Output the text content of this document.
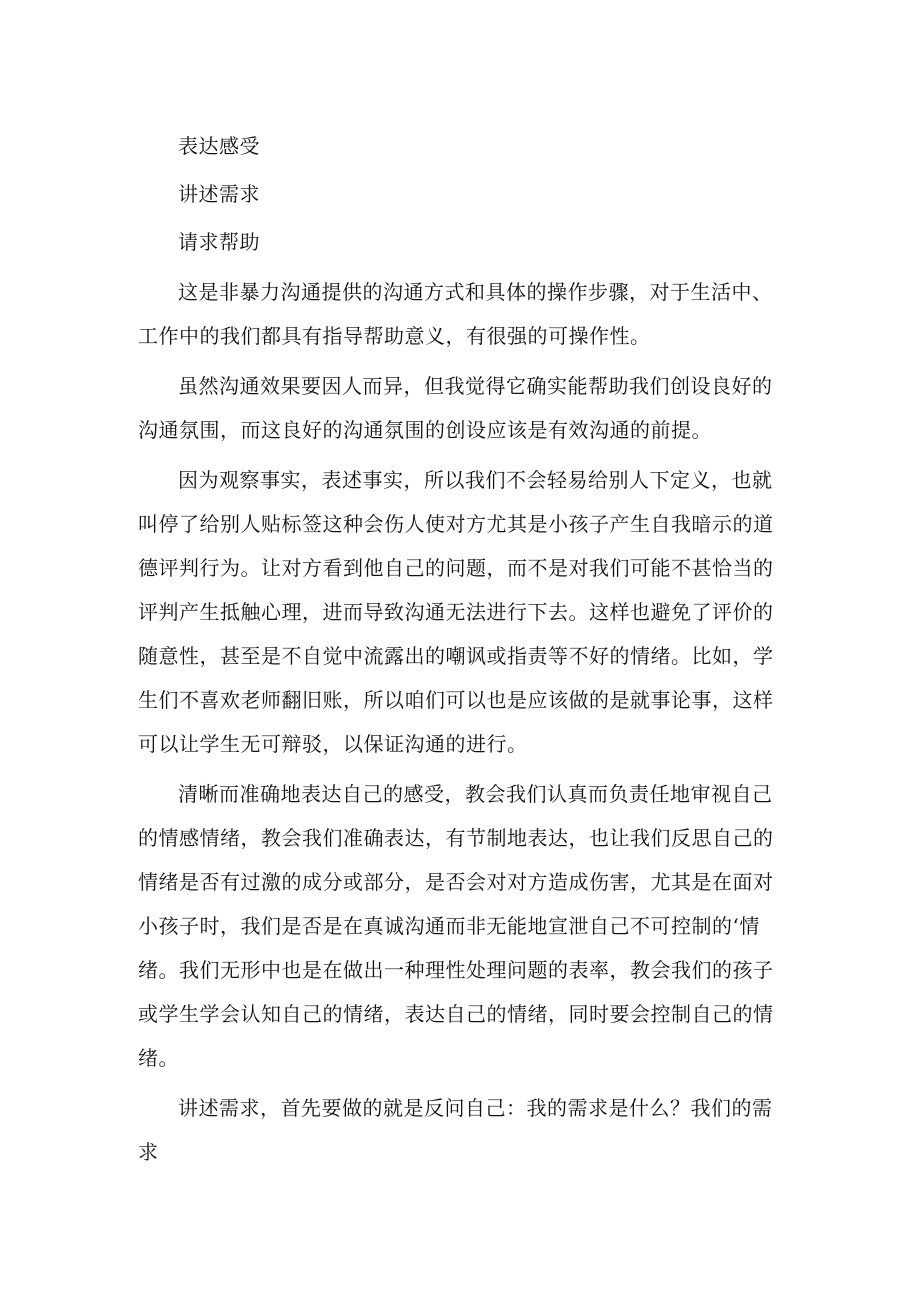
表达感受

讲述需求

请求帮助

这是非暴力沟通提供的沟通方式和具体的操作步骤，对于生活中、工作中的我们都具有指导帮助意义，有很强的可操作性。

虽然沟通效果要因人而异，但我觉得它确实能帮助我们创设良好的沟通氛围，而这良好的沟通氛围的创设应该是有效沟通的前提。

因为观察事实，表述事实，所以我们不会轻易给别人下定义，也就叫停了给别人贴标签这种会伤人使对方尤其是小孩子产生自我暗示的道德评判行为。让对方看到他自己的问题，而不是对我们可能不甚恰当的评判产生抵触心理，进而导致沟通无法进行下去。这样也避免了评价的随意性，甚至是不自觉中流露出的嘲讽或指责等不好的情绪。比如，学生们不喜欢老师翻旧账，所以咱们可以也是应该做的是就事论事，这样可以让学生无可辩驳，以保证沟通的进行。

清晰而准确地表达自己的感受，教会我们认真而负责任地审视自己的情感情绪，教会我们准确表达，有节制地表达，也让我们反思自己的情绪是否有过激的成分或部分，是否会对对方造成伤害，尤其是在面对小孩子时，我们是否是在真诚沟通而非无能地宣泄自己不可控制的‘情绪。我们无形中也是在做出一种理性处理问题的表率，教会我们的孩子或学生学会认知自己的情绪，表达自己的情绪，同时要会控制自己的情绪。

讲述需求，首先要做的就是反问自己：我的需求是什么？我们的需求
